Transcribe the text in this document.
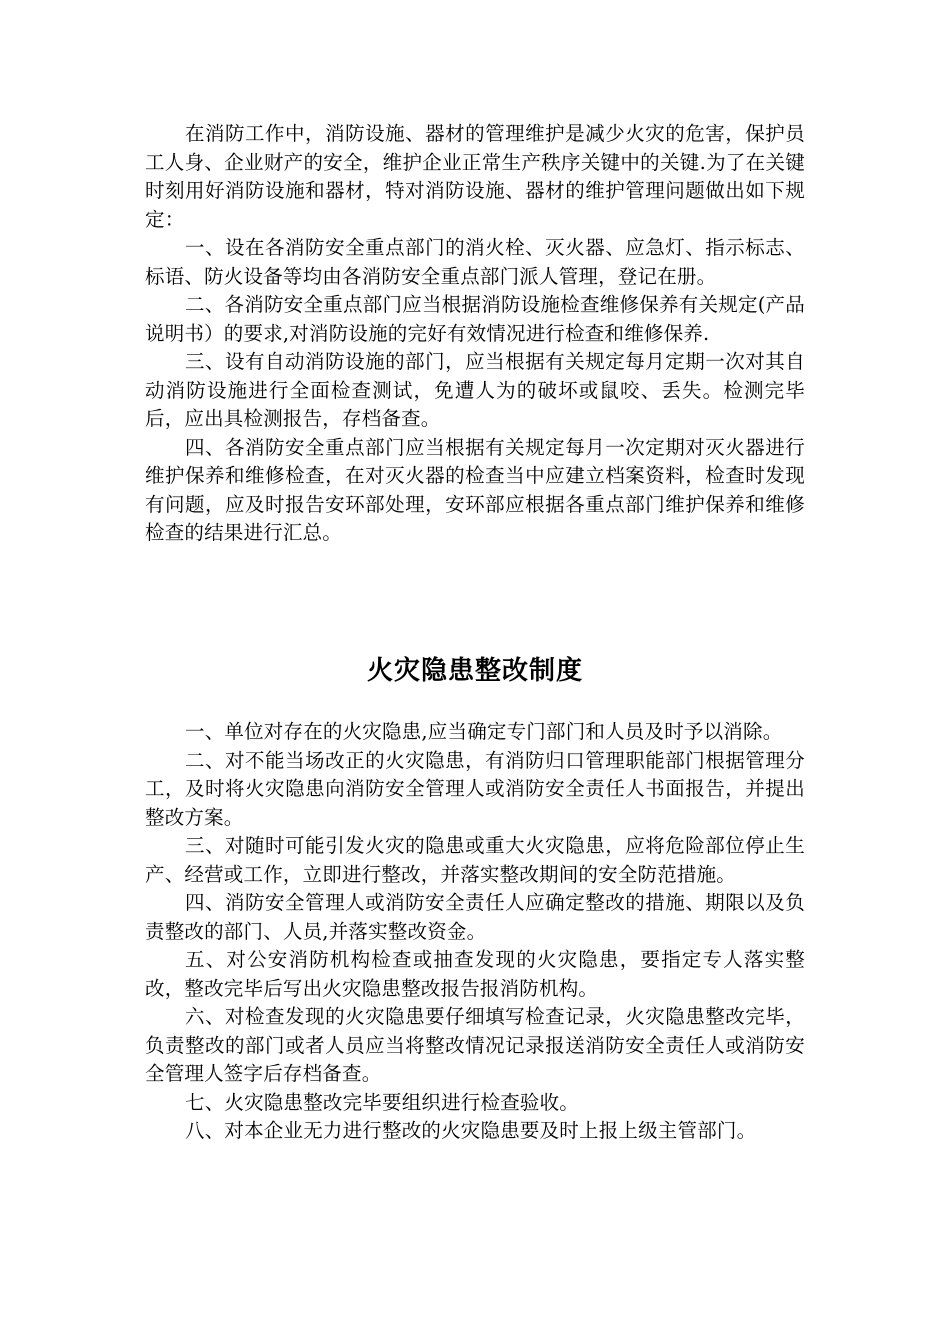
在消防工作中，消防设施、器材的管理维护是减少火灾的危害，保护员工人身、企业财产的安全，维护企业正常生产秩序关键中的关键.为了在关键时刻用好消防设施和器材，特对消防设施、器材的维护管理问题做出如下规定：

一、设在各消防安全重点部门的消火栓、灭火器、应急灯、指示标志、标语、防火设备等均由各消防安全重点部门派人管理，登记在册。

二、各消防安全重点部门应当根据消防设施检查维修保养有关规定(产品说明书）的要求,对消防设施的完好有效情况进行检查和维修保养.

三、设有自动消防设施的部门，应当根据有关规定每月定期一次对其自动消防设施进行全面检查测试，免遭人为的破坏或鼠咬、丢失。检测完毕后，应出具检测报告，存档备查。

四、各消防安全重点部门应当根据有关规定每月一次定期对灭火器进行维护保养和维修检查，在对灭火器的检查当中应建立档案资料，检查时发现有问题，应及时报告安环部处理，安环部应根据各重点部门维护保养和维修检查的结果进行汇总。

火灾隐患整改制度

一、单位对存在的火灾隐患,应当确定专门部门和人员及时予以消除。

二、对不能当场改正的火灾隐患，有消防归口管理职能部门根据管理分工，及时将火灾隐患向消防安全管理人或消防安全责任人书面报告，并提出整改方案。

三、对随时可能引发火灾的隐患或重大火灾隐患，应将危险部位停止生产、经营或工作，立即进行整改，并落实整改期间的安全防范措施。

四、消防安全管理人或消防安全责任人应确定整改的措施、期限以及负责整改的部门、人员,并落实整改资金。

五、对公安消防机构检查或抽查发现的火灾隐患，要指定专人落实整改，整改完毕后写出火灾隐患整改报告报消防机构。

六、对检查发现的火灾隐患要仔细填写检查记录，火灾隐患整改完毕，负责整改的部门或者人员应当将整改情况记录报送消防安全责任人或消防安全管理人签字后存档备查。

七、火灾隐患整改完毕要组织进行检查验收。

八、对本企业无力进行整改的火灾隐患要及时上报上级主管部门。
